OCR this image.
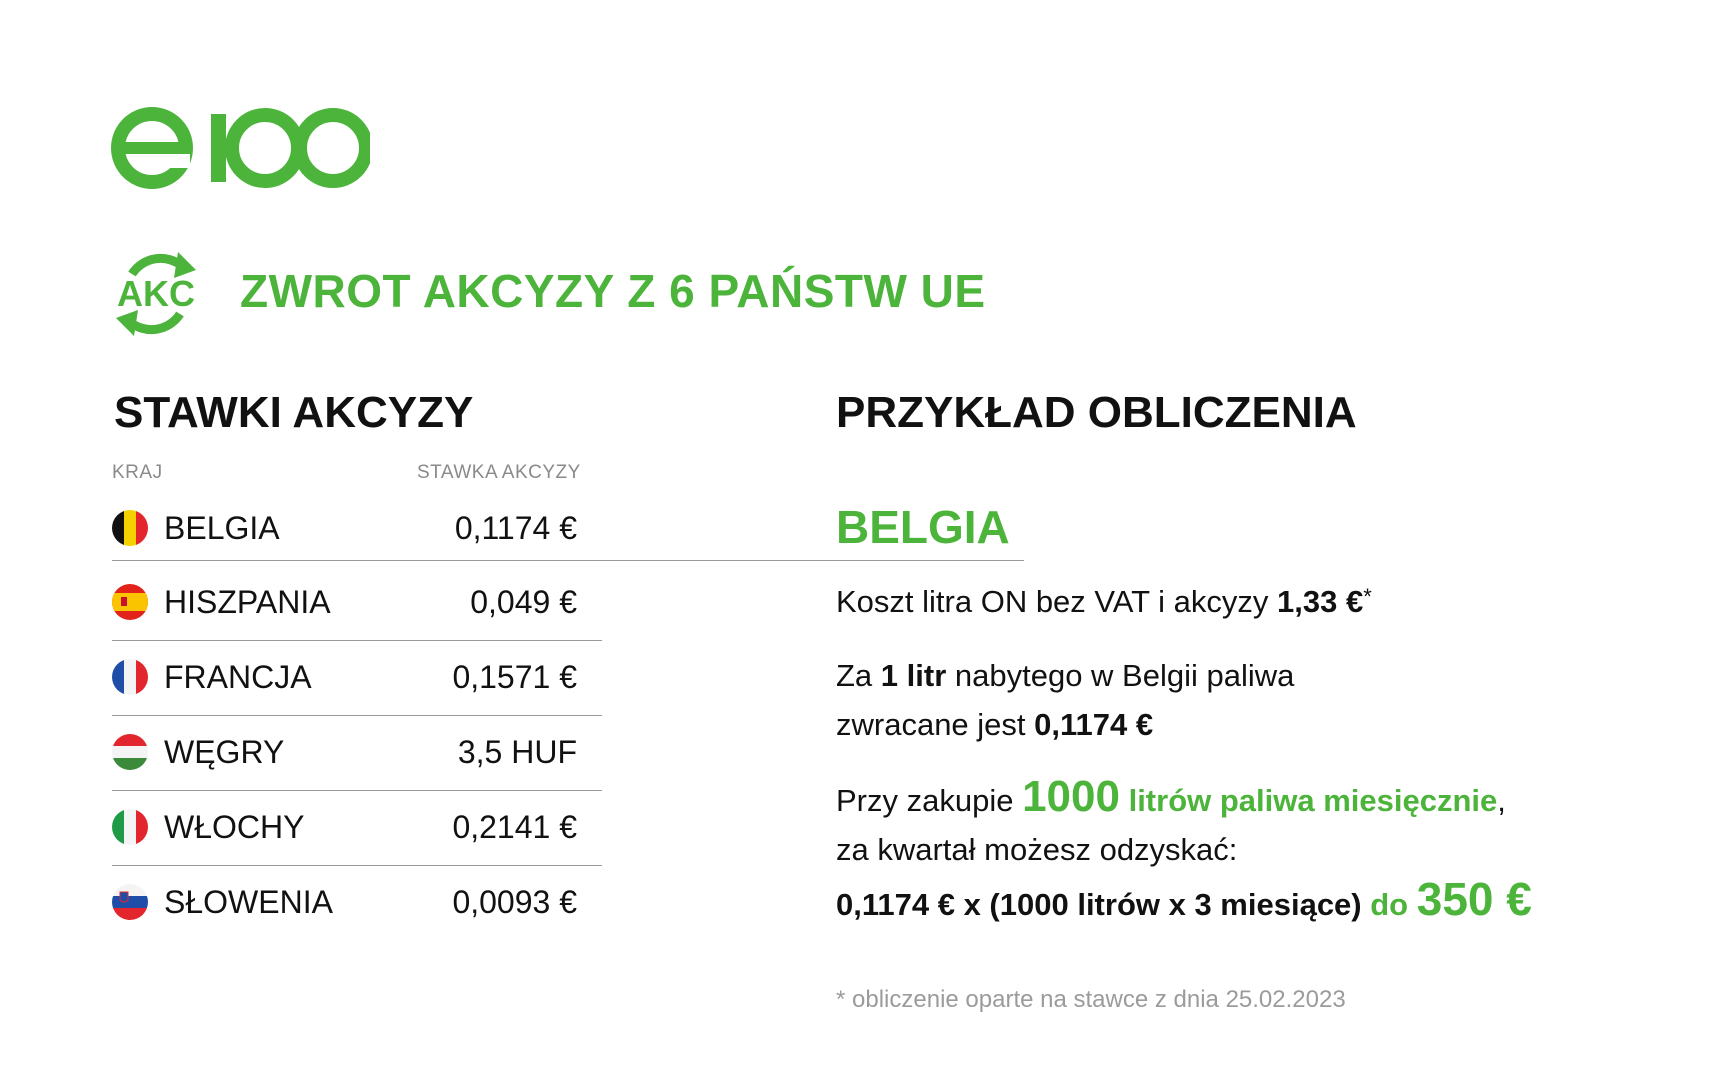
AKC ZWROT AKCYZY Z 6 PAŃSTW UE
STAWKI AKCYZY	PRZYKŁAD OBLICZENIA
KRAJ	STAWKA AKCYZY
BELGIA	0,1174 €
HISZPANIA	0,049 €
FRANCJA	0,1571 €
WĘGRY	3,5 HUF
WŁOCHY	0,2141 €
SŁOWENIA	0,0093 €
BELGIA
Koszt litra ON bez VAT i akcyzy 1,33 €*
Za 1 litr nabytego w Belgii paliwa
zwracane jest 0,1174 €
Przy zakupie 1000 litrów paliwa miesięcznie,
za kwartał możesz odzyskać:
0,1174 € x (1000 litrów x 3 miesiące) do 350 €
* obliczenie oparte na stawce z dnia 25.02.2023
